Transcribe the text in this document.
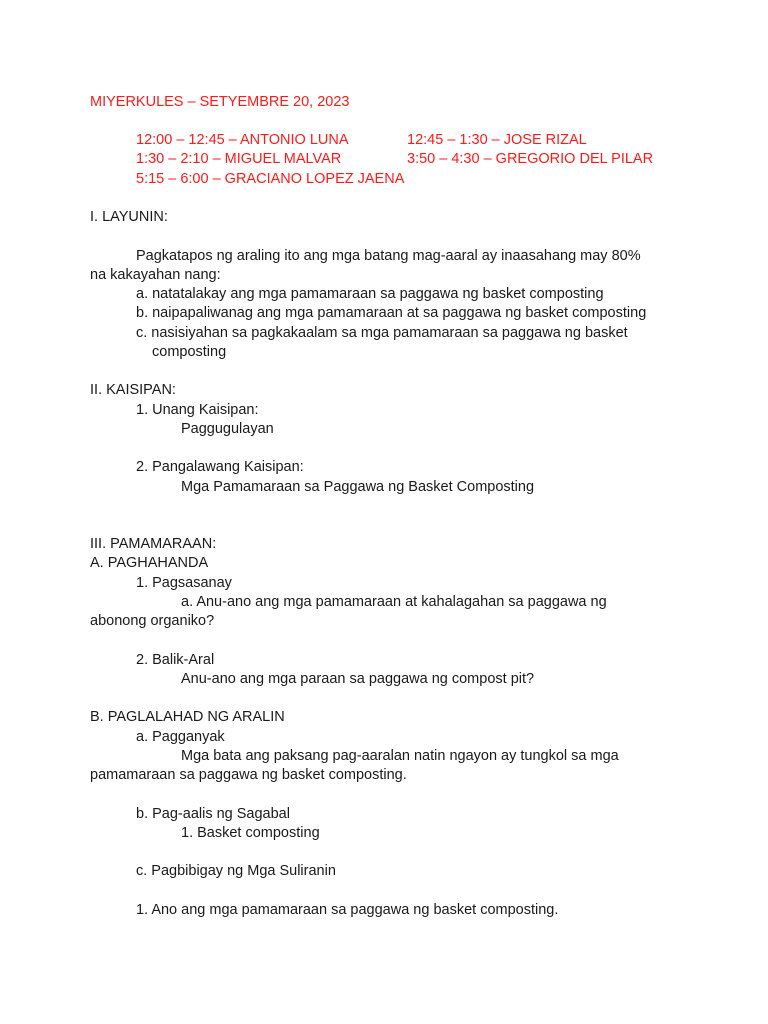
MIYERKULES – SETYEMBRE 20, 2023
12:00 – 12:45 – ANTONIO LUNA	12:45 – 1:30 – JOSE RIZAL
1:30 – 2:10 – MIGUEL MALVAR	3:50 – 4:30 – GREGORIO DEL PILAR
5:15 – 6:00 – GRACIANO LOPEZ JAENA
I. LAYUNIN:
Pagkatapos ng araling ito ang mga batang mag-aaral ay inaasahang may 80%
na kakayahan nang:
a. natatalakay ang mga pamamaraan sa paggawa ng basket composting
b. naipapaliwanag ang mga pamamaraan at sa paggawa ng basket composting
c. nasisiyahan sa pagkakaalam sa mga pamamaraan sa paggawa ng basket
composting
II. KAISIPAN:
1. Unang Kaisipan:
Paggugulayan
2. Pangalawang Kaisipan:
Mga Pamamaraan sa Paggawa ng Basket Composting
III. PAMAMARAAN:
A. PAGHAHANDA
1. Pagsasanay
a. Anu-ano ang mga pamamaraan at kahalagahan sa paggawa ng
abonong organiko?
2. Balik-Aral
Anu-ano ang mga paraan sa paggawa ng compost pit?
B. PAGLALAHAD NG ARALIN
a. Pagganyak
Mga bata ang paksang pag-aaralan natin ngayon ay tungkol sa mga
pamamaraan sa paggawa ng basket composting.
b. Pag-aalis ng Sagabal
1. Basket composting
c. Pagbibigay ng Mga Suliranin
1. Ano ang mga pamamaraan sa paggawa ng basket composting.
